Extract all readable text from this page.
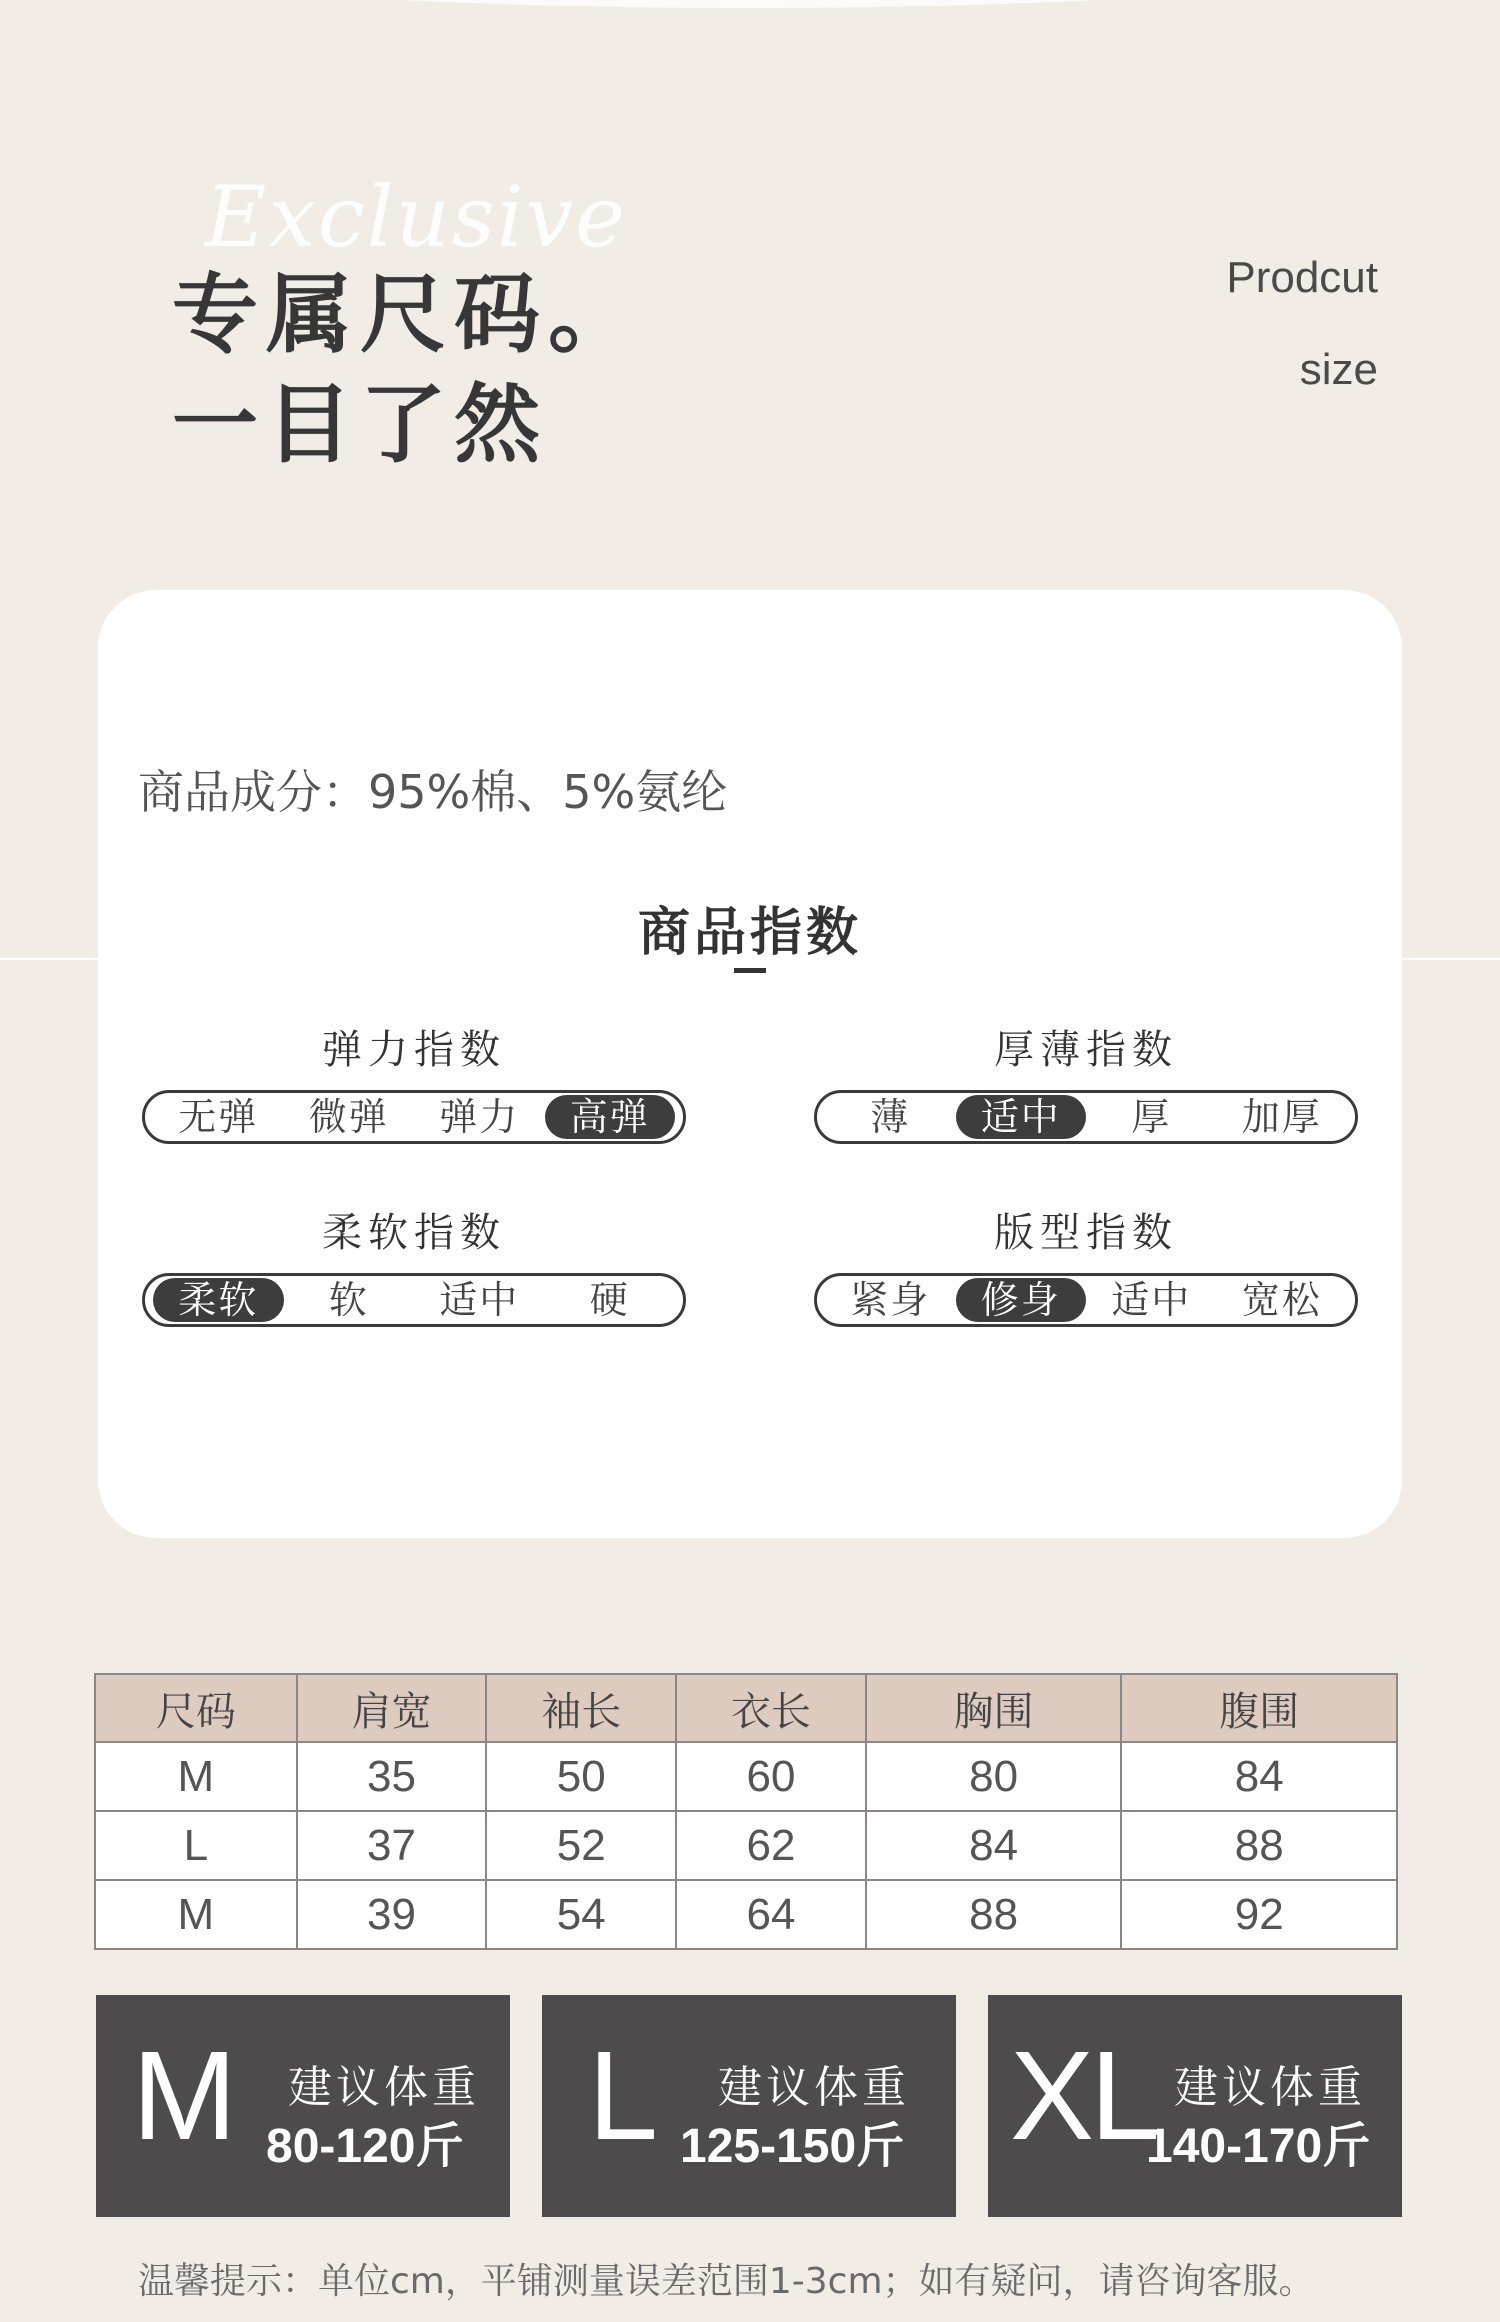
Exclusive
专属尺码。
一目了然
Prodcut
size
商品成分：95%棉、5%氨纶
商品指数
弹力指数
无弹	微弹	弹力	高弹
厚薄指数
薄	适中	厚	加厚
柔软指数
柔软	软	适中	硬
版型指数
紧身	修身	适中	宽松
尺码	肩宽	袖长	衣长	胸围	腹围
M	35	50	60	80	84
L	37	52	62	84	88
M	39	54	64	88	92
M 建议体重
80-120斤 L 建议体重
125-150斤 XL 建议体重
140-170斤
温馨提示：单位cm，平铺测量误差范围1-3cm；如有疑问，请咨询客服。
